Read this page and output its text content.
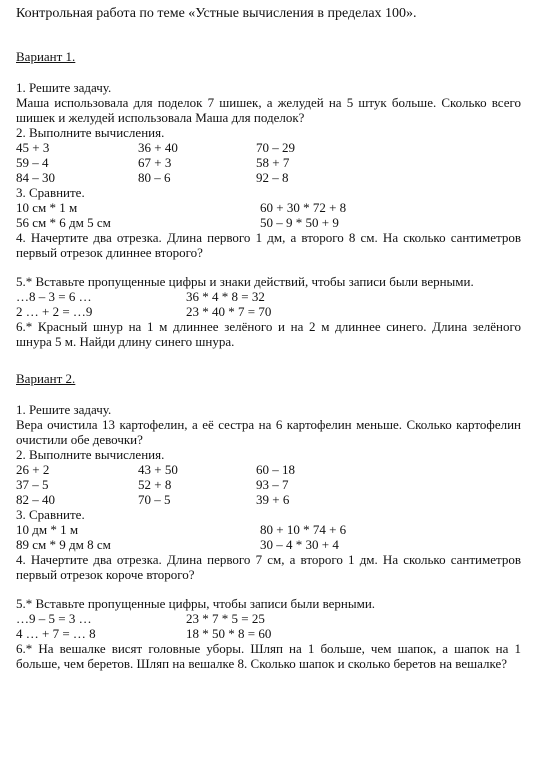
Контрольная работа по теме «Устные вычисления в пределах 100».
Вариант 1.
1. Решите задачу.
Маша использовала для поделок 7 шишек, а желудей на 5 штук больше. Сколько всего шишек и желудей использовала Маша для поделок?
2. Выполните вычисления.
45 + 3	36 + 40	70 – 29
59 – 4	67 + 3	58 + 7
84 – 30	80 – 6	92 – 8
3. Сравните.
10 см * 1 м	60 + 30 * 72 + 8
56 см * 6 дм 5 см	50 – 9 * 50 + 9
4. Начертите два отрезка. Длина первого 1 дм, а второго 8 см. На сколько сантиметров первый отрезок длиннее второго?
5.* Вставьте пропущенные цифры и знаки действий, чтобы записи были верными.
…8 – 3 = 6 …	36 * 4 * 8 = 32
2 … + 2 = …9	23 * 40 * 7 = 70
6.* Красный шнур на 1 м длиннее зелёного и на 2 м длиннее синего. Длина зелёного шнура 5 м. Найди длину синего шнура.
Вариант 2.
1. Решите задачу.
Вера очистила 13 картофелин, а её сестра на 6 картофелин меньше. Сколько картофелин очистили обе девочки?
2. Выполните вычисления.
26 + 2	43 + 50	60 – 18
37 – 5	52 + 8	93 – 7
82 – 40	70 – 5	39 + 6
3. Сравните.
10 дм * 1 м	80 + 10 * 74 + 6
89 см * 9 дм 8 см	30 – 4 * 30 + 4
4. Начертите два отрезка. Длина первого 7 см, а второго 1 дм. На сколько сантиметров первый отрезок короче второго?
5.* Вставьте пропущенные цифры, чтобы записи были верными.
…9 – 5 = 3 …	23 * 7 * 5 = 25
4 … + 7 = … 8	18 * 50 * 8 = 60
6.* На вешалке висят головные уборы. Шляп на 1 больше, чем шапок, а шапок на 1 больше, чем беретов. Шляп на вешалке 8. Сколько шапок и сколько беретов на вешалке?
